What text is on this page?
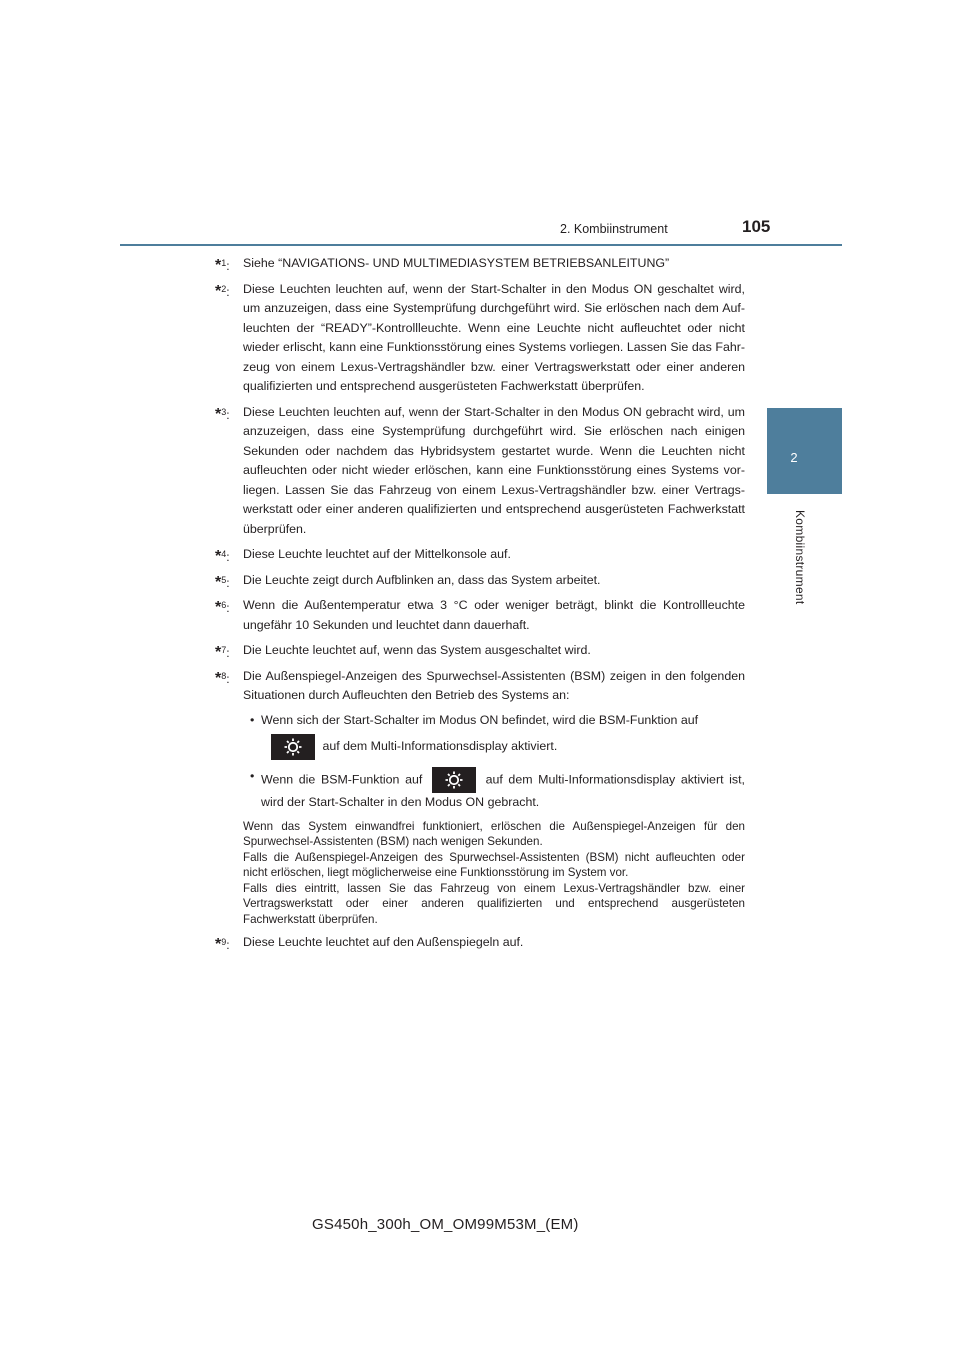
2. Kombiinstrument	105
2
Kombiinstrument
*$^1$:	Siehe “NAVIGATIONS- UND MULTIMEDIASYSTEM BETRIEBSANLEITUNG”
*$^2$:	Diese Leuchten leuchten auf, wenn der Start-Schalter in den Modus ON geschaltet wird, um anzuzeigen, dass eine Systemprüfung durchgeführt wird. Sie erlöschen nach dem Aufleuchten der “READY”-Kontrollleuchte. Wenn eine Leuchte nicht aufleuchtet oder nicht wieder erlischt, kann eine Funktionsstörung eines Systems vorliegen. Lassen Sie das Fahrzeug von einem Lexus-Vertragshändler bzw. einer Vertragswerkstatt oder einer anderen qualifizierten und entsprechend ausgerüsteten Fachwerkstatt überprüfen.
*$^3$:	Diese Leuchten leuchten auf, wenn der Start-Schalter in den Modus ON gebracht wird, um anzuzeigen, dass eine Systemprüfung durchgeführt wird. Sie erlöschen nach einigen Sekunden oder nachdem das Hybridsystem gestartet wurde. Wenn die Leuchten nicht aufleuchten oder nicht wieder erlöschen, kann eine Funktionsstörung eines Systems vorliegen. Lassen Sie das Fahrzeug von einem Lexus-Vertragshändler bzw. einer Vertragswerkstatt oder einer anderen qualifizierten und entsprechend ausgerüsteten Fachwerkstatt überprüfen.
*$^4$:	Diese Leuchte leuchtet auf der Mittelkonsole auf.
*$^5$:	Die Leuchte zeigt durch Aufblinken an, dass das System arbeitet.
*$^6$:	Wenn die Außentemperatur etwa 3 °C oder weniger beträgt, blinkt die Kontrollleuchte ungefähr 10 Sekunden und leuchtet dann dauerhaft.
*$^7$:	Die Leuchte leuchtet auf, wenn das System ausgeschaltet wird.
*$^8$:	Die Außenspiegel-Anzeigen des Spurwechsel-Assistenten (BSM) zeigen in den folgenden Situationen durch Aufleuchten den Betrieb des Systems an:
• Wenn sich der Start-Schalter im Modus ON befindet, wird die BSM-Funktion auf
auf dem Multi-Informationsdisplay aktiviert.
• Wenn die BSM-Funktion auf	auf dem Multi-Informationsdisplay aktiviert ist, wird der Start-Schalter in den Modus ON gebracht.
Wenn das System einwandfrei funktioniert, erlöschen die Außenspiegel-Anzeigen für den Spurwechsel-Assistenten (BSM) nach wenigen Sekunden.
Falls die Außenspiegel-Anzeigen des Spurwechsel-Assistenten (BSM) nicht aufleuchten oder nicht erlöschen, liegt möglicherweise eine Funktionsstörung im System vor.
Falls dies eintritt, lassen Sie das Fahrzeug von einem Lexus-Vertragshändler bzw. einer Vertragswerkstatt oder einer anderen qualifizierten und entsprechend ausgerüsteten Fachwerkstatt überprüfen.
*$^9$:	Diese Leuchte leuchtet auf den Außenspiegeln auf.
GS450h_300h_OM_OM99M53M_(EM)
